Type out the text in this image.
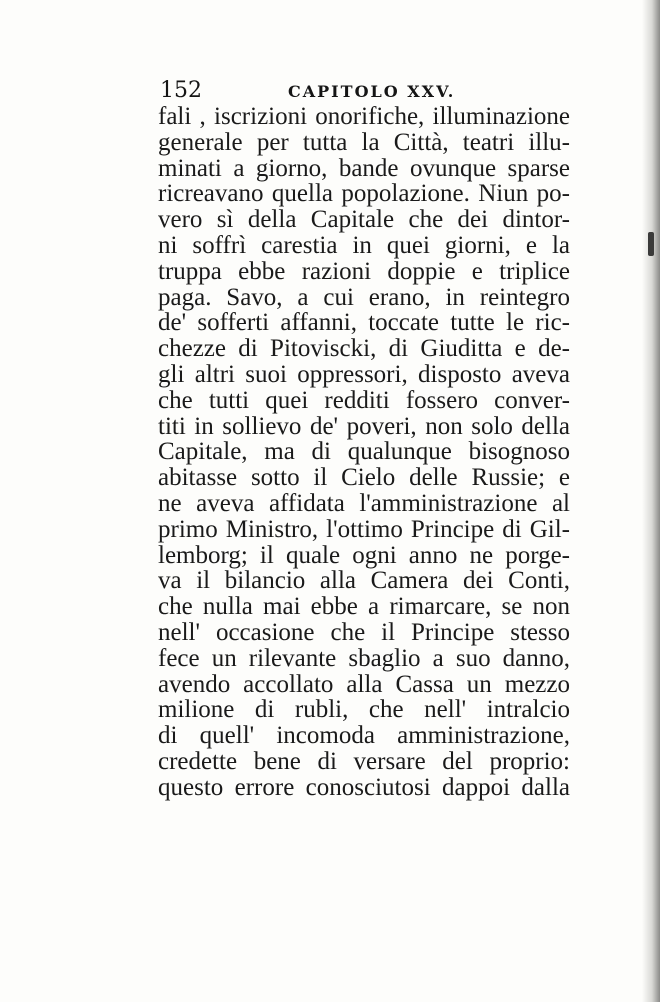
152	CAPITOLO XXV.
fali , iscrizioni onorifiche, illuminazione
generale per tutta la Città, teatri illu-
minati a giorno, bande ovunque sparse
ricreavano quella popolazione. Niun po-
vero sì della Capitale che dei dintor-
ni soffrì carestia in quei giorni, e la
truppa ebbe razioni doppie e triplice
paga. Savo, a cui erano, in reintegro
de' sofferti affanni, toccate tutte le ric-
chezze di Pitoviscki, di Giuditta e de-
gli altri suoi oppressori, disposto aveva
che tutti quei redditi fossero conver-
titi in sollievo de' poveri, non solo della
Capitale, ma di qualunque bisognoso
abitasse sotto il Cielo delle Russie; e
ne aveva affidata l'amministrazione al
primo Ministro, l'ottimo Principe di Gil-
lemborg; il quale ogni anno ne porge-
va il bilancio alla Camera dei Conti,
che nulla mai ebbe a rimarcare, se non
nell' occasione che il Principe stesso
fece un rilevante sbaglio a suo danno,
avendo accollato alla Cassa un mezzo
milione di rubli, che nell' intralcio
di quell' incomoda amministrazione,
credette bene di versare del proprio:
questo errore conosciutosi dappoi dalla
